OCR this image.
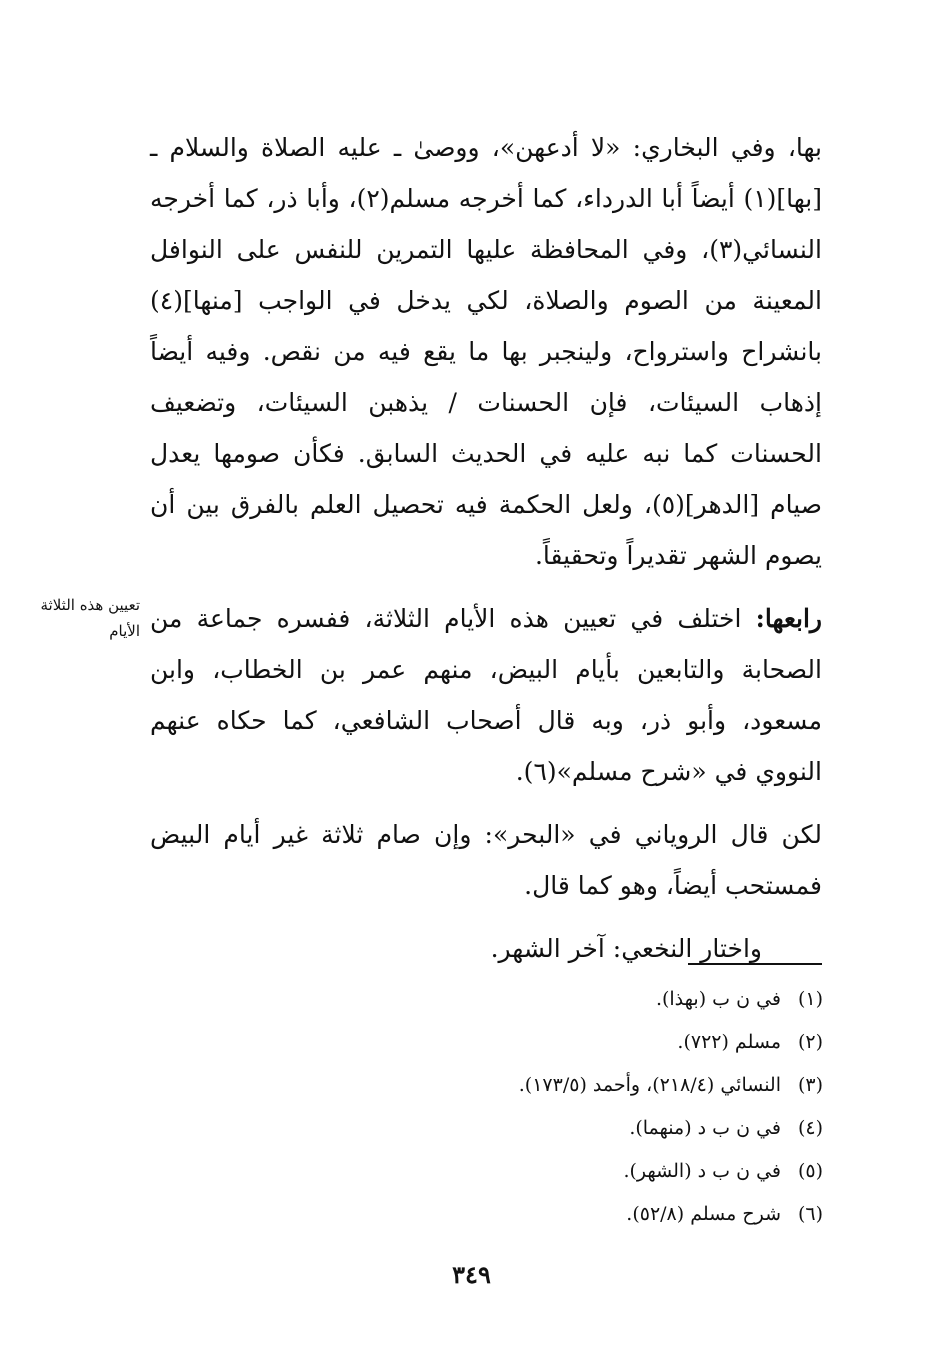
بها، وفي البخاري: «لا أدعهن»، ووصىٰ ـ عليه الصلاة والسلام ـ [بها](١) أيضاً أبا الدرداء، كما أخرجه مسلم(٢)، وأبا ذر، كما أخرجه النسائي(٣)، وفي المحافظة عليها التمرين للنفس على النوافل المعينة من الصوم والصلاة، لكي يدخل في الواجب [منها](٤) بانشراح واسترواح، ولينجبر بها ما يقع فيه من نقص. وفيه أيضاً إذهاب السيئات، فإن الحسنات / يذهبن السيئات، وتضعيف الحسنات كما نبه عليه في الحديث السابق. فكأن صومها يعدل صيام [الدهر](٥)، ولعل الحكمة فيه تحصيل العلم بالفرق بين أن يصوم الشهر تقديراً وتحقيقاً.

رابعها: اختلف في تعيين هذه الأيام الثلاثة، ففسره جماعة من الصحابة والتابعين بأيام البيض، منهم عمر بن الخطاب، وابن مسعود، وأبو ذر، وبه قال أصحاب الشافعي، كما حكاه عنهم النووي في «شرح مسلم»(٦).

لكن قال الروياني في «البحر»: وإن صام ثلاثة غير أيام البيض فمستحب أيضاً، وهو كما قال.

واختار النخعي: آخر الشهر.

تعيين هذه الثلاثة الأيام
(١)
في ن ب (بهذا).
(٢)
مسلم (٧٢٢).
(٣)
النسائي (٢١٨/٤)، وأحمد (١٧٣/٥).
(٤)
في ن ب د (منهما).
(٥)
في ن ب د (الشهر).
(٦)
شرح مسلم (٥٢/٨).
٣٤٩
